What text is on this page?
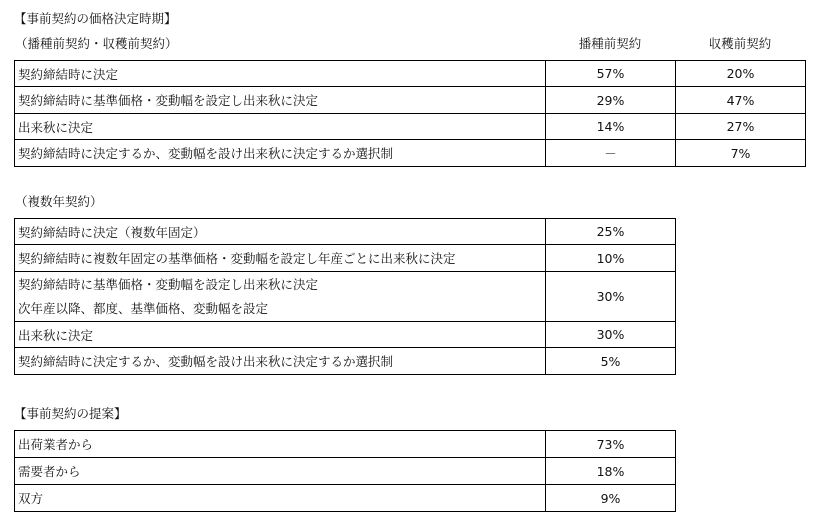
【事前契約の価格決定時期】
（播種前契約・収穫前契約）	播種前契約	収穫前契約
契約締結時に決定	57%	20%
契約締結時に基準価格・変動幅を設定し出来秋に決定	29%	47%
出来秋に決定	14%	27%
契約締結時に決定するか、変動幅を設け出来秋に決定するか選択制	－	7%
（複数年契約）
契約締結時に決定（複数年固定）	25%
契約締結時に複数年固定の基準価格・変動幅を設定し年産ごとに出来秋に決定	10%

契約締結時に基準価格・変動幅を設定し出来秋に決定
次年産以降、都度、基準価格、変動幅を設定	30%
出来秋に決定	30%
契約締結時に決定するか、変動幅を設け出来秋に決定するか選択制	5%
【事前契約の提案】
出荷業者から	73%
需要者から	18%
双方	9%
